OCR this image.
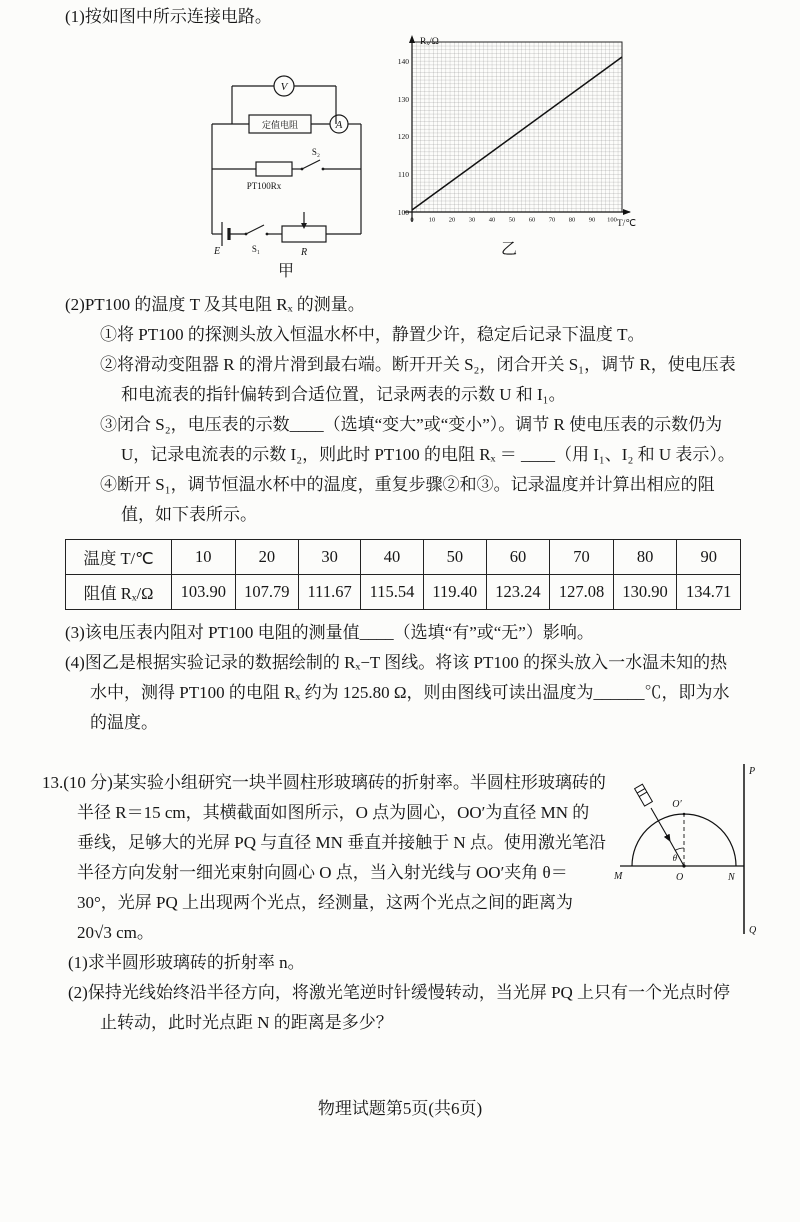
(1)按如图中所示连接电路。

V
定值电阻	A
PT100Rx
S₂
S₁
E	R
甲
Rₓ/Ω
T/℃
100
110
120
130
140
0 10 20 30 40 50 60 70 80 90 100
乙

(2)PT100 的温度 T 及其电阻 Rₓ 的测量。

①将 PT100 的探测头放入恒温水杯中，静置少许，稳定后记录下温度 T。

②将滑动变阻器 R 的滑片滑到最右端。断开开关 S₂，闭合开关 S₁，调节 R，使电压表和电流表的指针偏转到合适位置，记录两表的示数 U 和 I₁。

③闭合 S₂，电压表的示数____（选填“变大”或“变小”）。调节 R 使电压表的示数仍为 U，记录电流表的示数 I₂，则此时 PT100 的电阻 Rₓ ＝ ____（用 I₁、I₂ 和 U 表示）。

④断开 S₁，调节恒温水杯中的温度，重复步骤②和③。记录温度并计算出相应的阻值，如下表所示。

温度 T/℃	10	20	30	40	50	60	70	80	90
阻值 Rₓ/Ω	103.90	107.79	111.67	115.54	119.40	123.24	127.08	130.90	134.71

(3)该电压表内阻对 PT100 电阻的测量值____（选填“有”或“无”）影响。

(4)图乙是根据实验记录的数据绘制的 Rₓ−T 图线。将该 PT100 的探头放入一水温未知的热水中，测得 PT100 的电阻 Rₓ 约为 125.80 Ω，则由图线可读出温度为______℃，即为水的温度。

O′
P
Q
M	N
O
θ

13.(10 分)某实验小组研究一块半圆柱形玻璃砖的折射率。半圆柱形玻璃砖的半径 R＝15 cm，其横截面如图所示，O 点为圆心，OO′为直径 MN 的垂线，足够大的光屏 PQ 与直径 MN 垂直并接触于 N 点。使用激光笔沿半径方向发射一细光束射向圆心 O 点，当入射光线与 OO′夹角 θ＝30°，光屏 PQ 上出现两个光点，经测量，这两个光点之间的距离为 20√3 cm。

(1)求半圆形玻璃砖的折射率 n。

(2)保持光线始终沿半径方向，将激光笔逆时针缓慢转动，当光屏 PQ 上只有一个光点时停止转动，此时光点距 N 的距离是多少？

物理试题第5页(共6页)
